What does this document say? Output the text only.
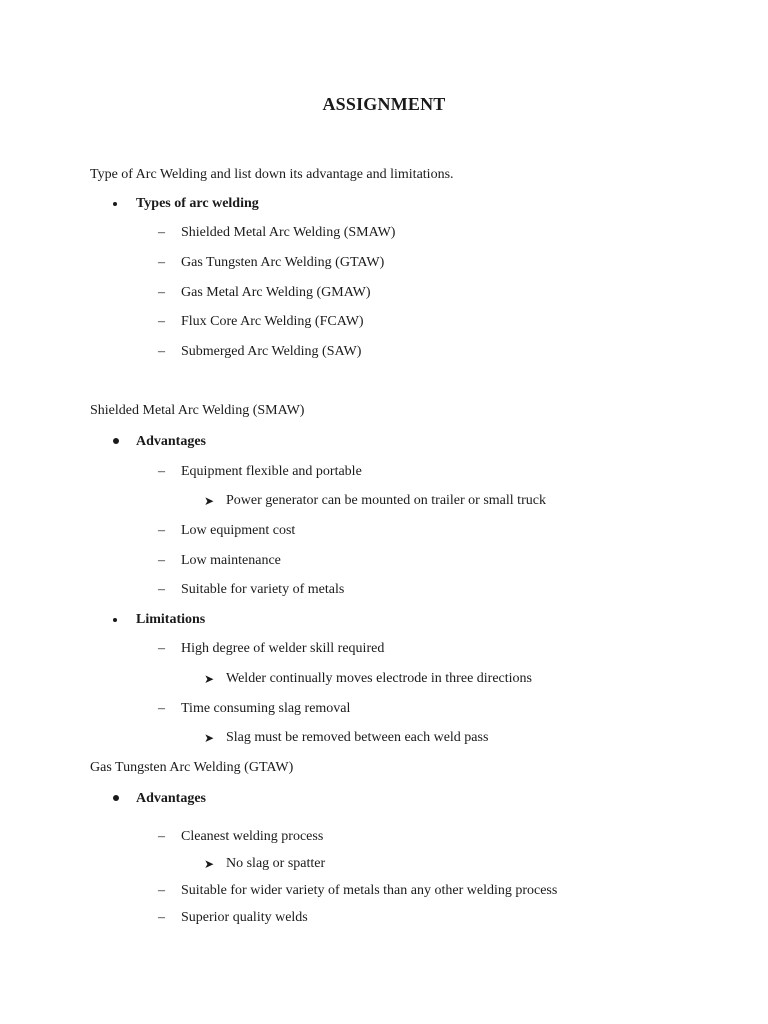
ASSIGNMENT
Type of Arc Welding and list down its advantage and limitations.
Types of arc welding
– Shielded Metal Arc Welding (SMAW)
– Gas Tungsten Arc Welding (GTAW)
– Gas Metal Arc Welding (GMAW)
– Flux Core Arc Welding (FCAW)
– Submerged Arc Welding (SAW)
Shielded Metal Arc Welding (SMAW)
Advantages
– Equipment flexible and portable
➤ Power generator can be mounted on trailer or small truck
– Low equipment cost
– Low maintenance
– Suitable for variety of metals
Limitations
– High degree of welder skill required
➤ Welder continually moves electrode in three directions
– Time consuming slag removal
➤ Slag must be removed between each weld pass
Gas Tungsten Arc Welding (GTAW)
Advantages
– Cleanest welding process
➤ No slag or spatter
– Suitable for wider variety of metals than any other welding process
– Superior quality welds
